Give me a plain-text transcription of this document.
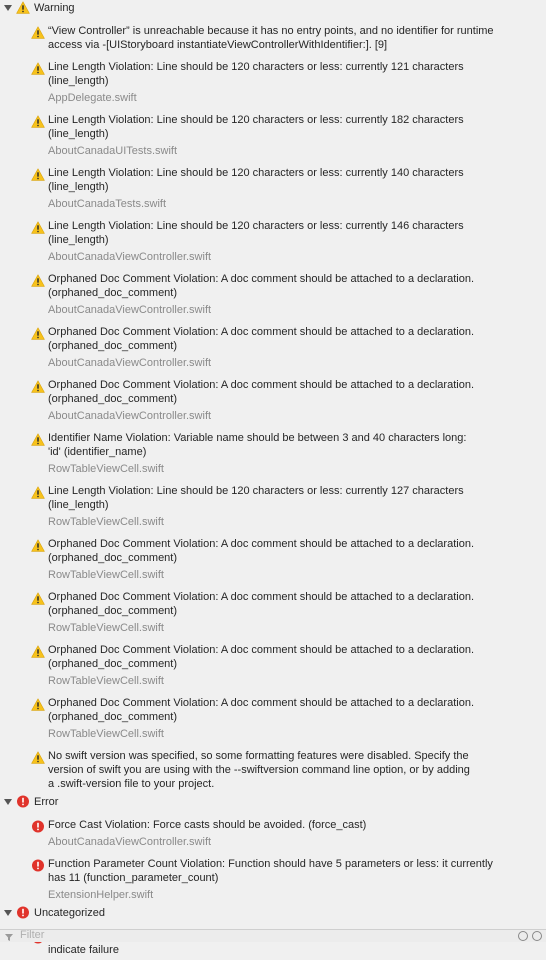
Warning
“View Controller” is unreachable because it has no entry points, and no identifier for runtime
access via -[UIStoryboard instantiateViewControllerWithIdentifier:]. [9]
Line Length Violation: Line should be 120 characters or less: currently 121 characters
(line_length)
AppDelegate.swift
Line Length Violation: Line should be 120 characters or less: currently 182 characters
(line_length)
AboutCanadaUITests.swift
Line Length Violation: Line should be 120 characters or less: currently 140 characters
(line_length)
AboutCanadaTests.swift
Line Length Violation: Line should be 120 characters or less: currently 146 characters
(line_length)
AboutCanadaViewController.swift
Orphaned Doc Comment Violation: A doc comment should be attached to a declaration.
(orphaned_doc_comment)
AboutCanadaViewController.swift
Orphaned Doc Comment Violation: A doc comment should be attached to a declaration.
(orphaned_doc_comment)
AboutCanadaViewController.swift
Orphaned Doc Comment Violation: A doc comment should be attached to a declaration.
(orphaned_doc_comment)
AboutCanadaViewController.swift
Identifier Name Violation: Variable name should be between 3 and 40 characters long:
'id' (identifier_name)
RowTableViewCell.swift
Line Length Violation: Line should be 120 characters or less: currently 127 characters
(line_length)
RowTableViewCell.swift
Orphaned Doc Comment Violation: A doc comment should be attached to a declaration.
(orphaned_doc_comment)
RowTableViewCell.swift
Orphaned Doc Comment Violation: A doc comment should be attached to a declaration.
(orphaned_doc_comment)
RowTableViewCell.swift
Orphaned Doc Comment Violation: A doc comment should be attached to a declaration.
(orphaned_doc_comment)
RowTableViewCell.swift
Orphaned Doc Comment Violation: A doc comment should be attached to a declaration.
(orphaned_doc_comment)
RowTableViewCell.swift
No swift version was specified, so some formatting features were disabled. Specify the
version of swift you are using with the --swiftversion command line option, or by adding
a .swift-version file to your project.
Error
Force Cast Violation: Force casts should be avoided. (force_cast)
AboutCanadaViewController.swift
Function Parameter Count Violation: Function should have 5 parameters or less: it currently
has 11 (function_parameter_count)
ExtensionHelper.swift
Uncategorized

indicate failure
Filter
